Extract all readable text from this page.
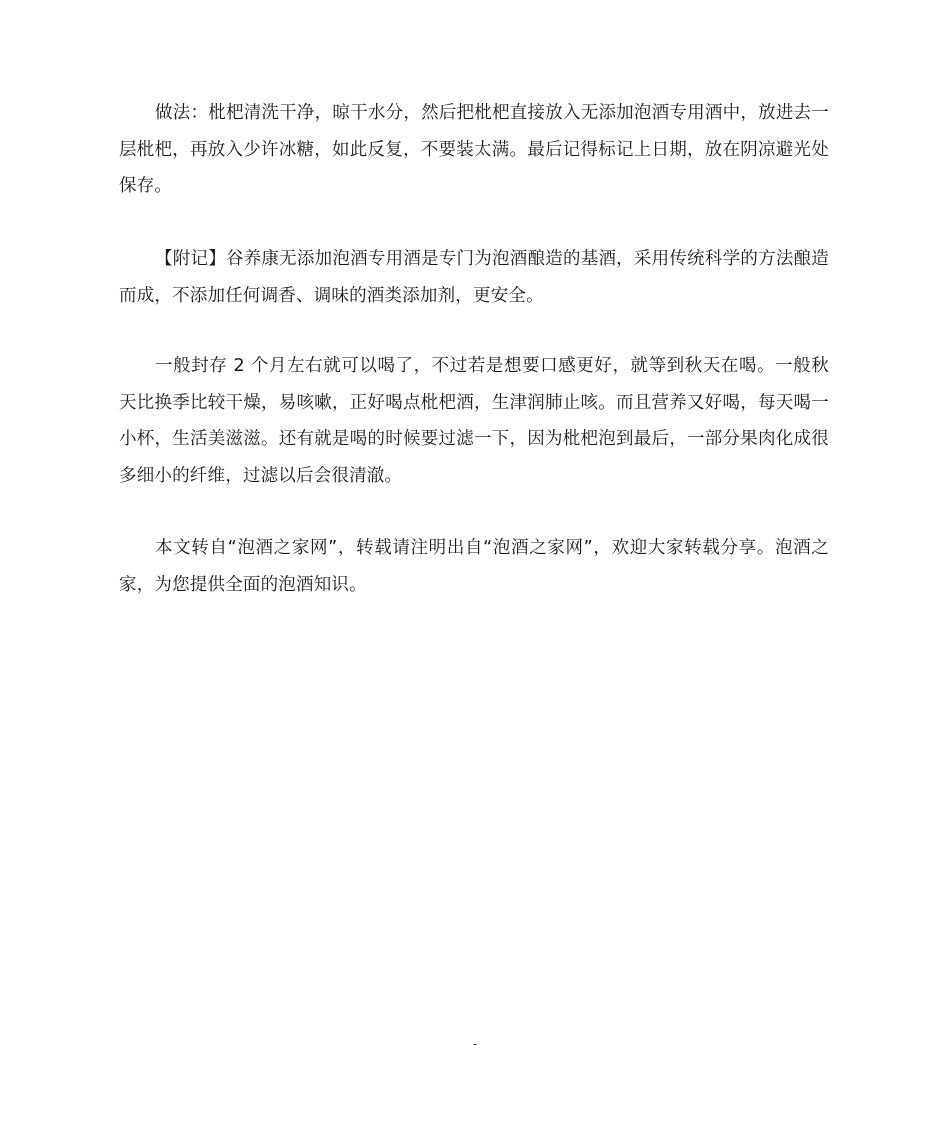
做法：枇杷清洗干净，晾干水分，然后把枇杷直接放入无添加泡酒专用酒中，放进去一层枇杷，再放入少许冰糖，如此反复，不要装太满。最后记得标记上日期，放在阴凉避光处保存。

【附记】谷养康无添加泡酒专用酒是专门为泡酒酿造的基酒，采用传统科学的方法酿造而成，不添加任何调香、调味的酒类添加剂，更安全。

一般封存 2 个月左右就可以喝了，不过若是想要口感更好，就等到秋天在喝。一般秋天比换季比较干燥，易咳嗽，正好喝点枇杷酒，生津润肺止咳。而且营养又好喝，每天喝一小杯，生活美滋滋。还有就是喝的时候要过滤一下，因为枇杷泡到最后，一部分果肉化成很多细小的纤维，过滤以后会很清澈。

本文转自“泡酒之家网”，转载请注明出自“泡酒之家网”，欢迎大家转载分享。泡酒之家，为您提供全面的泡酒知识。

-
